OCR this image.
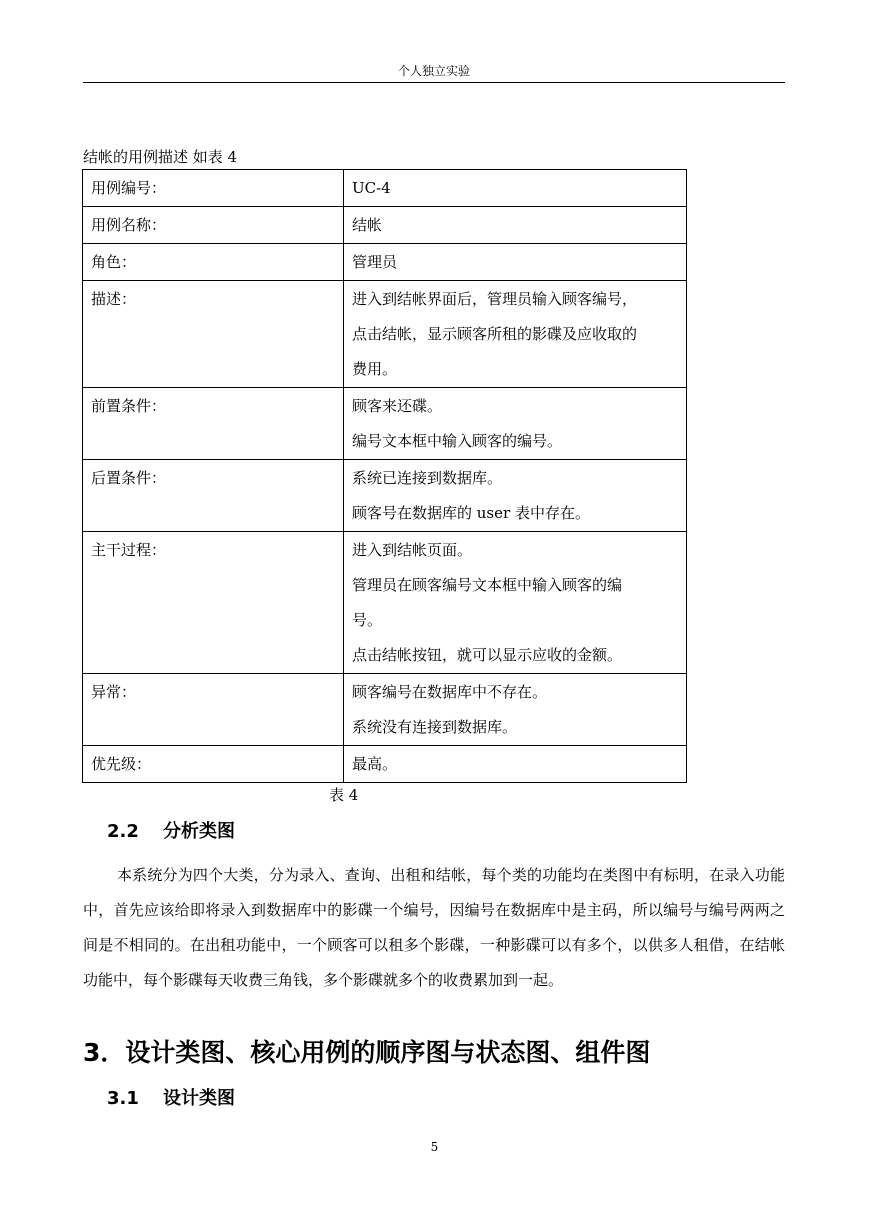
个人独立实验
结帐的用例描述 如表 4
用例编号：	UC-4

用例名称：	结帐

角色：	管理员

描述：	进入到结帐界面后，管理员输入顾客编号，
点击结帐，显示顾客所租的影碟及应收取的
费用。

前置条件：	顾客来还碟。
编号文本框中输入顾客的编号。

后置条件：	系统已连接到数据库。
顾客号在数据库的 user 表中存在。

主干过程：	进入到结帐页面。
管理员在顾客编号文本框中输入顾客的编
号。
点击结帐按钮，就可以显示应收的金额。

异常：	顾客编号在数据库中不存在。
系统没有连接到数据库。

优先级：	最高。
表 4
2.2 分析类图

本系统分为四个大类，分为录入、查询、出租和结帐，每个类的功能均在类图中有标明，在录入功能中，首先应该给即将录入到数据库中的影碟一个编号，因编号在数据库中是主码，所以编号与编号两两之间是不相同的。在出租功能中，一个顾客可以租多个影碟，一种影碟可以有多个，以供多人租借，在结帐功能中，每个影碟每天收费三角钱，多个影碟就多个的收费累加到一起。

3．设计类图、核心用例的顺序图与状态图、组件图
3.1 设计类图
5
